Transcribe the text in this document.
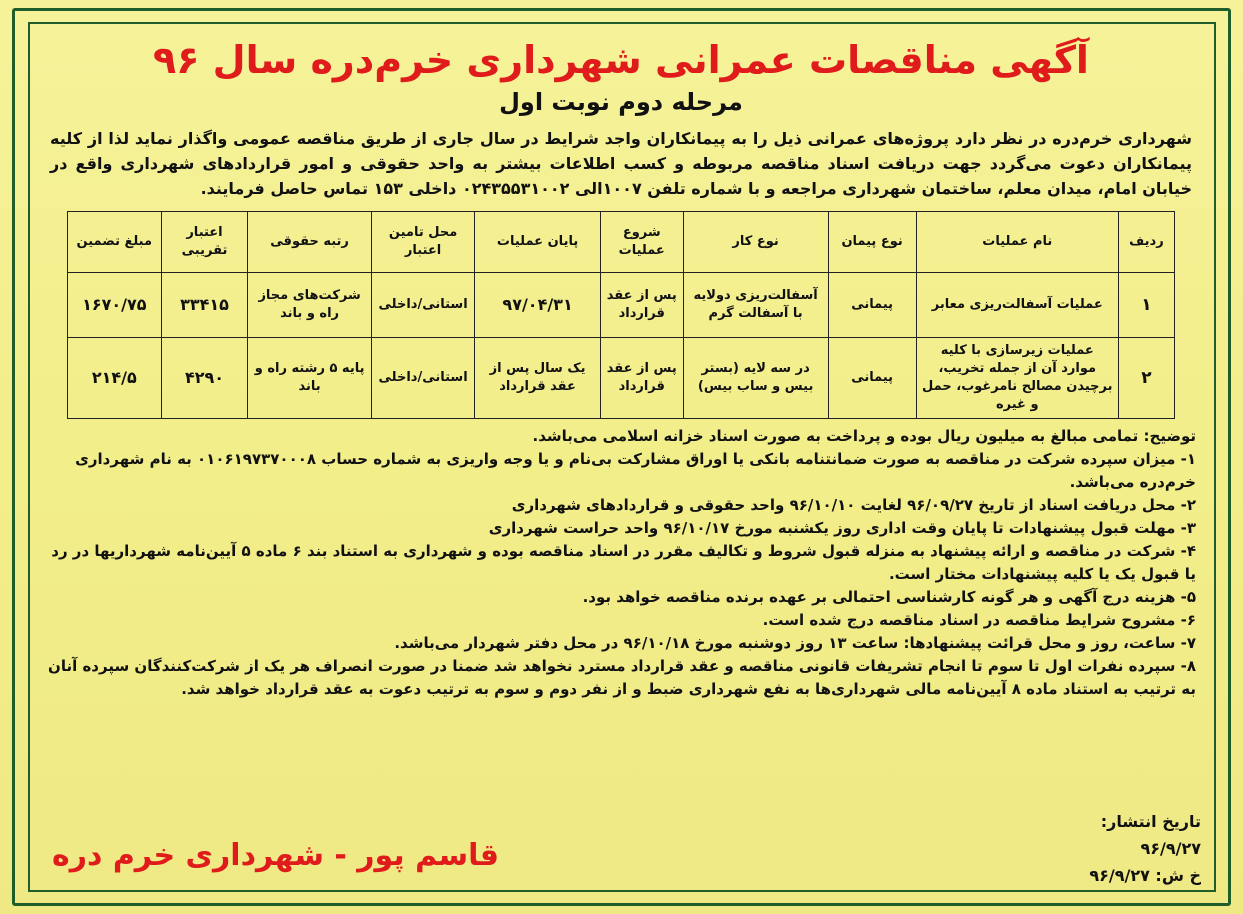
آگهی مناقصات عمرانی شهرداری خرم‌دره سال ۹۶
مرحله دوم نوبت اول
شهرداری خرم‌دره در نظر دارد پروژه‌های عمرانی ذیل را به پیمانکاران واجد شرایط در سال جاری از طریق مناقصه عمومی واگذار نماید لذا از کلیه پیمانکاران دعوت می‌گردد جهت دریافت اسناد مناقصه مربوطه و کسب اطلاعات بیشتر به واحد حقوقی و امور قراردادهای شهرداری واقع در خیابان امام، میدان معلم، ساختمان شهرداری مراجعه و با شماره تلفن ۱۰۰۷الی ۰۲۴۳۵۵۳۱۰۰۲ داخلی ۱۵۳ تماس حاصل فرمایند.
ردیف	نام عملیات	نوع پیمان	نوع کار	شروع عملیات	پایان عملیات	محل تامین اعتبار	رتبه حقوقی	اعتبار تقریبی	مبلغ تضمین
۱	عملیات آسفالت‌ریزی معابر	پیمانی	آسفالت‌ریزی دولایه با آسفالت گرم	پس از عقد قرارداد	۹۷/۰۴/۳۱	استانی/داخلی	شرکت‌های مجاز راه و باند	۳۳۴۱۵	۱۶۷۰/۷۵
۲	عملیات زیرسازی با کلیه موارد آن از جمله تخریب، برچیدن مصالح نامرغوب، حمل و غیره	پیمانی	در سه لایه (بستر بیس و ساب بیس)	پس از عقد قرارداد	یک سال پس از عقد قرارداد	استانی/داخلی	پایه ۵ رشته راه و باند	۴۲۹۰	۲۱۴/۵

توضیح: تمامی مبالغ به میلیون ریال بوده و پرداخت به صورت اسناد خزانه اسلامی می‌باشد.

۱- میزان سپرده شرکت در مناقصه به صورت ضمانتنامه بانکی یا اوراق مشارکت بی‌نام و یا وجه واریزی به شماره حساب ۰۱۰۶۱۹۷۳۷۰۰۰۸ به نام شهرداری خرم‌دره می‌باشد.

۲- محل دریافت اسناد از تاریخ ۹۶/۰۹/۲۷ لغایت ۹۶/۱۰/۱۰ واحد حقوقی و قراردادهای شهرداری

۳- مهلت قبول پیشنهادات تا پایان وقت اداری روز یکشنبه مورخ ۹۶/۱۰/۱۷ واحد حراست شهرداری

۴- شرکت در مناقصه و ارائه پیشنهاد به منزله قبول شروط و تکالیف مقرر در اسناد مناقصه بوده و شهرداری به استناد بند ۶ ماده ۵ آیین‌نامه شهرداریها در رد یا قبول یک یا کلیه پیشنهادات مختار است.

۵- هزینه درج آگهی و هر گونه کارشناسی احتمالی بر عهده برنده مناقصه خواهد بود.

۶- مشروح شرایط مناقصه در اسناد مناقصه درج شده است.

۷- ساعت، روز و محل قرائت پیشنهادها: ساعت ۱۳ روز دوشنبه مورخ ۹۶/۱۰/۱۸ در محل دفتر شهردار می‌باشد.

۸- سپرده نفرات اول تا سوم تا انجام تشریفات قانونی مناقصه و عقد قرارداد مسترد نخواهد شد ضمنا در صورت انصراف هر یک از شرکت‌کنندگان سپرده آنان به ترتیب به استناد ماده ۸ آیین‌نامه مالی شهرداری‌ها به نفع شهرداری ضبط و از نفر دوم و سوم به ترتیب دعوت به عقد قرارداد خواهد شد.

تاریخ انتشار:
۹۶/۹/۲۷
خ ش: ۹۶/۹/۲۷
قاسم پور - شهرداری خرم دره
